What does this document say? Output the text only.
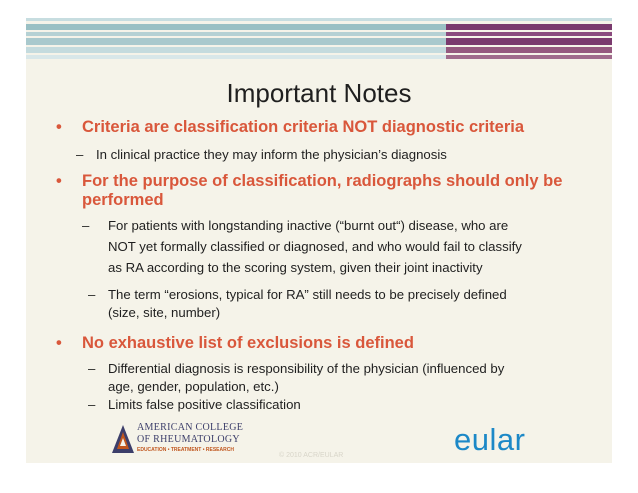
Important Notes
• Criteria are classification criteria NOT diagnostic criteria
– In clinical practice they may inform the physician’s diagnosis
• For the purpose of classification, radiographs should only be
performed
– For patients with longstanding inactive (“burnt out“) disease, who are
NOT yet formally classified or diagnosed, and who would fail to classify
as RA according to the scoring system, given their joint inactivity
– The term “erosions, typical for RA” still needs to be precisely defined
(size, site, number)
• No exhaustive list of exclusions is defined
– Differential diagnosis is responsibility of the physician (influenced by
age, gender, population, etc.)
– Limits false positive classification
AMERICAN COLLEGE
OF RHEUMATOLOGY
EDUCATION • TREATMENT • RESEARCH	eular
© 2010 ACR/EULAR
